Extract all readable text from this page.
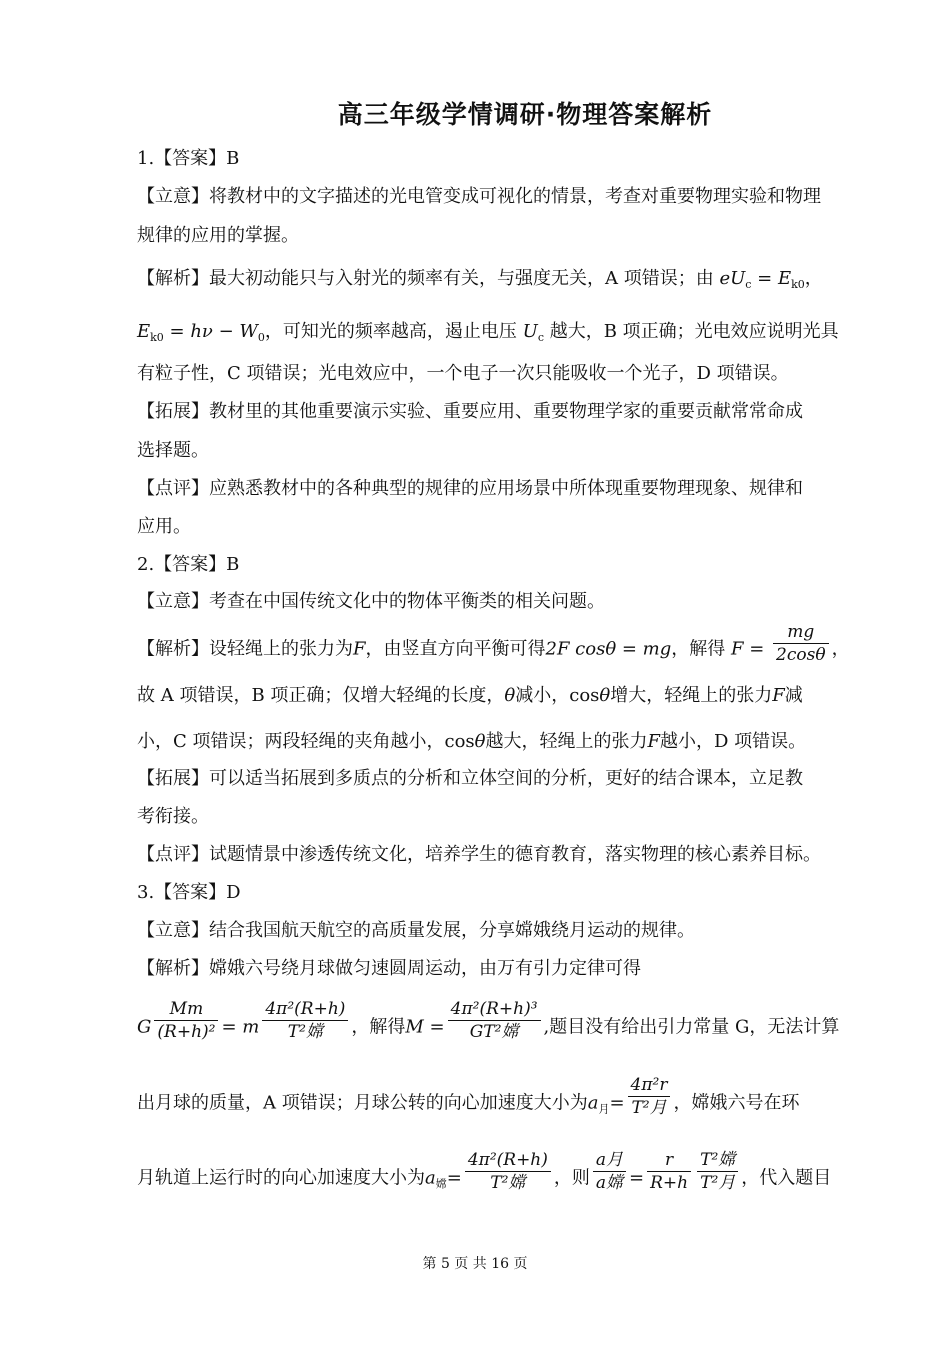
高三年级学情调研·物理答案解析
1.【答案】B
【立意】将教材中的文字描述的光电管变成可视化的情景，考查对重要物理实验和物理
规律的应用的掌握。
【解析】最大初动能只与入射光的频率有关，与强度无关，A 项错误；由 $eU_c = E_{k0}$，
$E_{k0} = h\nu - W_0$，可知光的频率越高，遏止电压 $U_c$ 越大，B 项正确；光电效应说明光具
有粒子性，C 项错误；光电效应中，一个电子一次只能吸收一个光子，D 项错误。
【拓展】教材里的其他重要演示实验、重要应用、重要物理学家的重要贡献常常命成
选择题。
【点评】应熟悉教材中的各种典型的规律的应用场景中所体现重要物理现象、规律和
应用。
2.【答案】B
【立意】考查在中国传统文化中的物体平衡类的相关问题。
【解析】设轻绳上的张力为F，由竖直方向平衡可得2F cosθ = mg，解得 $F = \frac{mg}{2\cos\theta}$ ，
故 A 项错误，B 项正确；仅增大轻绳的长度，θ减小，cosθ增大，轻绳上的张力F减
小，C 项错误；两段轻绳的夹角越小，cosθ越大，轻绳上的张力F越小，D 项错误。
【拓展】可以适当拓展到多质点的分析和立体空间的分析，更好的结合课本，立足教
考衔接。
【点评】试题情景中渗透传统文化，培养学生的德育教育，落实物理的核心素养目标。
3.【答案】D
【立意】结合我国航天航空的高质量发展，分享嫦娥绕月运动的规律。
【解析】嫦娥六号绕月球做匀速圆周运动，由万有引力定律可得
G $\frac{Mm}{\text{(R+h)²}} = m \frac{\text{4π²(R+h)}}{\text{T²嫦}}$ ，解得$M = \frac{\text{4π²(R+h)³}}{\text{GT²嫦}}$ ,题目没有给出引力常量 G，无法计算
出月球的质量，A 项错误；月球公转的向心加速度大小为$a_月= \frac{\text{4π²r}}{\text{T²月}}$ ，嫦娥六号在环
月轨道上运行时的向心加速度大小为$a_嫦= \frac{\text{4π²(R+h)}}{\text{T²嫦}}$ ，则 $\frac{\text{a月}}{\text{a嫦}} = \frac{r}{R+h} \frac{\text{T²嫦}}{\text{T²月}}$ ，代入题目
第 5 页 共 16 页
